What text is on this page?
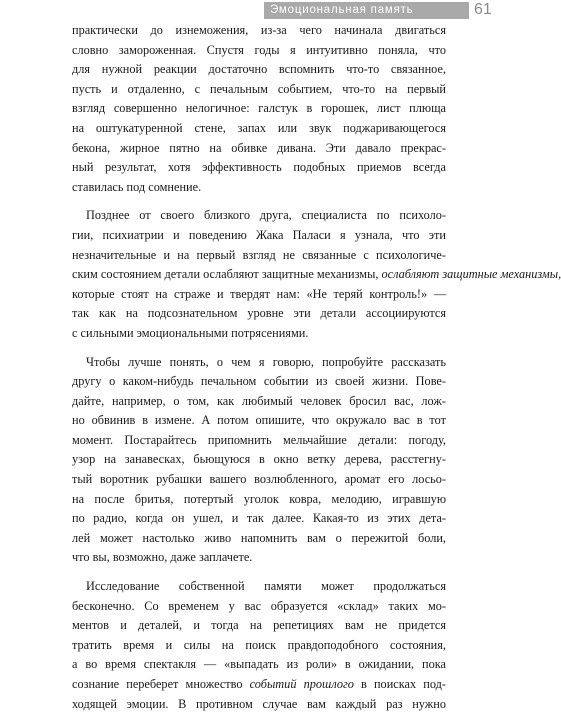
Эмоциональная память	61
практически до изнеможения, из-за чего начинала двигаться
словно замороженная. Спустя годы я интуитивно поняла, что
для нужной реакции достаточно вспомнить что-то связанное,
пусть и отдаленно, с печальным событием, что-то на первый
взгляд совершенно нелогичное: галстук в горошек, лист плюща
на оштукатуренной стене, запах или звук поджаривающегося
бекона, жирное пятно на обивке дивана. Эти давало прекрас-
ный результат, хотя эффективность подобных приемов всегда
ставилась под сомнение.
Позднее от своего близкого друга, специалиста по психоло-
гии, психиатрии и поведению Жака Паласи я узнала, что эти
незначительные и на первый взгляд не связанные с психологиче-
ским состоянием детали ослабляют защитные механизмы, ослабляют защитные механизмы,
которые стоят на страже и твердят нам: «Не теряй контроль!» —
так как на подсознательном уровне эти детали ассоциируются
с сильными эмоциональными потрясениями.
Чтобы лучше понять, о чем я говорю, попробуйте рассказать
другу о каком-нибудь печальном событии из своей жизни. Пове-
дайте, например, о том, как любимый человек бросил вас, лож-
но обвинив в измене. А потом опишите, что окружало вас в тот
момент. Постарайтесь припомнить мельчайшие детали: погоду,
узор на занавесках, бьющуюся в окно ветку дерева, расстегну-
тый воротник рубашки вашего возлюбленного, аромат его лосьо-
на после бритья, потертый уголок ковра, мелодию, игравшую
по радио, когда он ушел, и так далее. Какая-то из этих дета-
лей может настолько живо напомнить вам о пережитой боли,
что вы, возможно, даже заплачете.
Исследование собственной памяти может продолжаться
бесконечно. Со временем у вас образуется «склад» таких мо-
ментов и деталей, и тогда на репетициях вам не придется
тратить время и силы на поиск правдоподобного состояния,
а во время спектакля — «выпадать из роли» в ожидании, пока
сознание переберет множество событий прошлого в поисках под-
ходящей эмоции. В противном случае вам каждый раз нужно
